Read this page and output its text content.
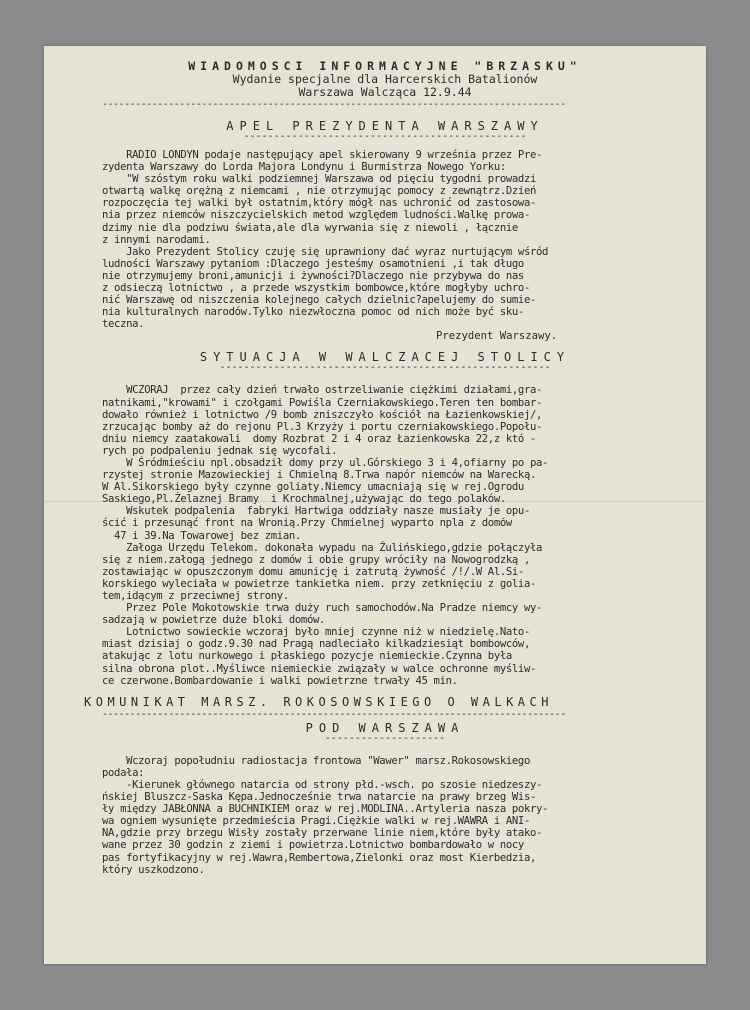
WIADOMOSCI INFORMACYJNE "BRZASKU"
Wydanie specjalne dla Harcerskich Batalionów
Warszawa Walcząca 12.9.44
------------------------------------------------------------------------------------
APEL PREZYDENTA WARSZAWY
-----------------------------------------------
RADIO LONDYN podaje następujący apel skierowany 9 września przez Pre-
zydenta Warszawy do Lorda Majora Londynu i Burmistrza Nowego Yorku:
"W szóstym roku walki podziemnej Warszawa od pięciu tygodni prowadzi
otwartą walkę orężną z niemcami , nie otrzymując pomocy z zewnątrz.Dzień
rozpoczęcia tej walki był ostatnim,który mógł nas uchronić od zastosowa-
nia przez niemców niszczycielskich metod względem ludności.Walkę prowa-
dzimy nie dla podziwu świata,ale dla wyrwania się z niewoli , łącznie
z innymi narodami.
Jako Prezydent Stolicy czuję się uprawniony dać wyraz nurtującym wśród
ludności Warszawy pytaniom :Dlaczego jesteśmy osamotnieni ,i tak długo
nie otrzymujemy broni,amunicji i żywności?Dlaczego nie przybywa do nas
z odsieczą lotnictwo , a przede wszystkim bombowce,które mogłyby uchro-
nić Warszawę od niszczenia kolejnego całych dzielnic?apelujemy do sumie-
nia kulturalnych narodów.Tylko niezwłoczna pomoc od nich może być sku-
teczna.
Prezydent Warszawy.
SYTUACJA W WALCZACEJ STOLICY
-------------------------------------------------------
WCZORAJ  przez cały dzień trwało ostrzeliwanie ciężkimi działami,gra-
natnikami,"krowami" i czołgami Powiśla Czerniakowskiego.Teren ten bombar-
dowało również i lotnictwo /9 bomb zniszczyło kościół na Łazienkowskiej/,
zrzucając bomby aż do rejonu Pl.3 Krzyży i portu czerniakowskiego.Popołu-
dniu niemcy zaatakowali  domy Rozbrat 2 i 4 oraz Łazienkowska 22,z któ -
rych po podpaleniu jednak się wycofali.
W Śródmieściu npl.obsadził domy przy ul.Górskiego 3 i 4,ofiarny po pa-
rzystej stronie Mazowieckiej i Chmielną 8.Trwa napór niemców na Warecką.
W Al.Sikorskiego były czynne goliaty.Niemcy umacniają się w rej.Ogrodu
Saskiego,Pl.Żelaznej Bramy  i Krochmalnej,używając do tego polaków.
Wskutek podpalenia  fabryki Hartwiga oddziały nasze musiały je opu-
ścić i przesunąć front na Wronią.Przy Chmielnej wyparto npla z domów
47 i 39.Na Towarowej bez zmian.
Załoga Urzędu Telekom. dokonała wypadu na Żulińskiego,gdzie połączyła
się z niem.załogą jednego z domów i obie grupy wróciły na Nowogrodzką ,
zostawiając w opuszczonym domu amunicję i zatrutą żywność /!/.W Al.Si-
korskiego wyleciała w powietrze tankietka niem. przy zetknięciu z golia-
tem,idącym z przeciwnej strony.
Przez Pole Mokotowskie trwa duży ruch samochodów.Na Pradze niemcy wy-
sadzają w powietrze duże bloki domów.
Lotnictwo sowieckie wczoraj było mniej czynne niż w niedzielę.Nato-
miast dzisiaj o godz.9.30 nad Pragą nadleciało kilkadziesiąt bombowców,
atakując z lotu nurkowego i płaskiego pozycje niemieckie.Czynna była
silna obrona plot..Myśliwce niemieckie związały w walce ochronne myśliw-
ce czerwone.Bombardowanie i walki powietrzne trwały 45 min.
KOMUNIKAT MARSZ. ROKOSOWSKIEGO O WALKACH
------------------------------------------------------------------------------------
POD WARSZAWA
--------------------
Wczoraj popołudniu radiostacja frontowa "Wawer" marsz.Rokosowskiego
podała:
-Kierunek głównego natarcia od strony płd.-wsch. po szosie niedzeszy-
ńskiej Bluszcz-Saska Kępa.Jednocześnie trwa natarcie na prawy brzeg Wis-
ły między JABŁONNA a BUCHNIKIEM oraz w rej.MODLINA..Artyleria nasza pokry-
wa ogniem wysunięte przedmieścia Pragi.Ciężkie walki w rej.WAWRA i ANI-
NA,gdzie przy brzegu Wisły zostały przerwane linie niem,które były atako-
wane przez 30 godzin z ziemi i powietrza.Lotnictwo bombardowało w nocy
pas fortyfikacyjny w rej.Wawra,Rembertowa,Zielonki oraz most Kierbedzia,
który uszkodzono.
